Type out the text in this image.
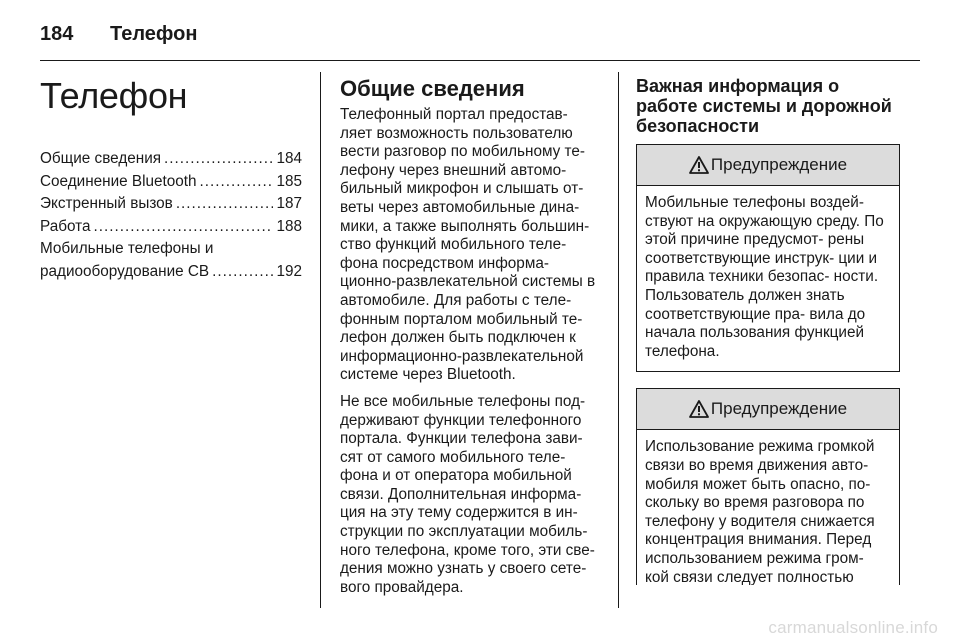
184	Телефон
Телефон
Общие сведения .....	184
Соединение Bluetooth .....	185
Экстренный вызов .....	187
Работа .....	188
Мобильные телефоны и
радиооборудование CB .....	192
Общие сведения

Телефонный портал предостав- ляет возможность пользователю вести разговор по мобильному те- лефону через внешний автомо- бильный микрофон и слышать от- веты через автомобильные дина- мики, а также выполнять большин- ство функций мобильного теле- фона посредством информа- ционно-развлекательной системы в автомобиле. Для работы с теле- фонным порталом мобильный те- лефон должен быть подключен к информационно-развлекательной системе через Bluetooth.

Не все мобильные телефоны под- держивают функции телефонного портала. Функции телефона зави- сят от самого мобильного теле- фона и от оператора мобильной связи. Дополнительная информа- ция на эту тему содержится в ин- струкции по эксплуатации мобиль- ного телефона, кроме того, эти све- дения можно узнать у своего сете- вого провайдера.

Важная информация о работе системы и дорожной безопасности
Предупреждение
Мобильные телефоны воздей- ствуют на окружающую среду. По этой причине предусмот- рены соответствующие инструк- ции и правила техники безопас- ности. Пользователь должен знать соответствующие пра- вила до начала пользования функцией телефона.
Предупреждение
Использование режима громкой связи во время движения авто- мобиля может быть опасно, по- скольку во время разговора по телефону у водителя снижается концентрация внимания. Перед использованием режима гром- кой связи следует полностью
carmanualsonline.info
